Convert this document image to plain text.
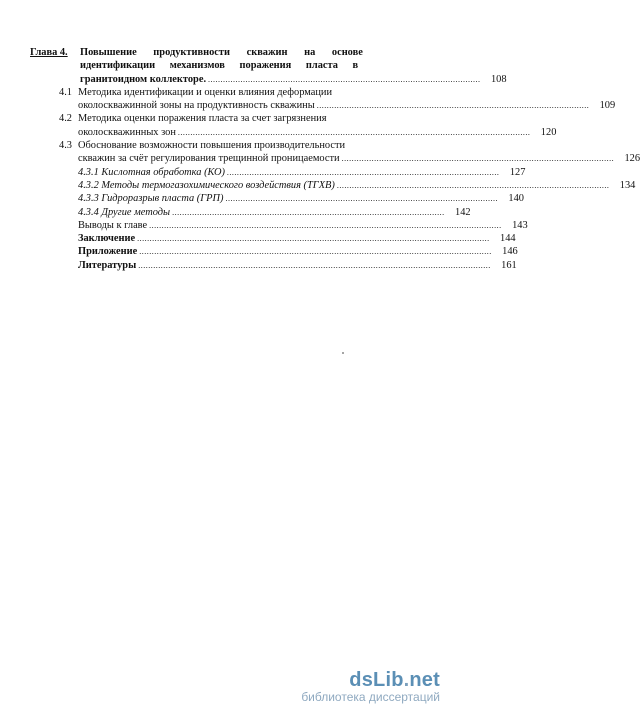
Глава 4.	Повышение продуктивности скважин на основе
идентификации механизмов поражения пласта в
гранитоидном коллекторе. .............................................................................................................	108
4.1 Методика идентификации и оценки влияния деформации
околоскважинной зоны на продуктивность скважины .............................................................................................................	109
4.2 Методика оценки поражения пласта за счет загрязнения
околоскважинных зон .............................................................................................................................................	120
4.3 Обоснование возможности повышения производительности
скважин за счёт регулирования трещинной проницаемости .............................................................................................................	126
4.3.1 Кислотная обработка (КО) .............................................................................................................	127
4.3.2 Методы термогазохимического воздействия (ТГХВ) .............................................................................................................	134
4.3.3 Гидроразрыв пласта (ГРП) .............................................................................................................	140
4.3.4 Другие методы .............................................................................................................	142
Выводы к главе .............................................................................................................................................	143
Заключение .............................................................................................................................................	144
Приложение .............................................................................................................................................	146
Литературы .............................................................................................................................................	161
dsLib.net
библиотека диссертаций
